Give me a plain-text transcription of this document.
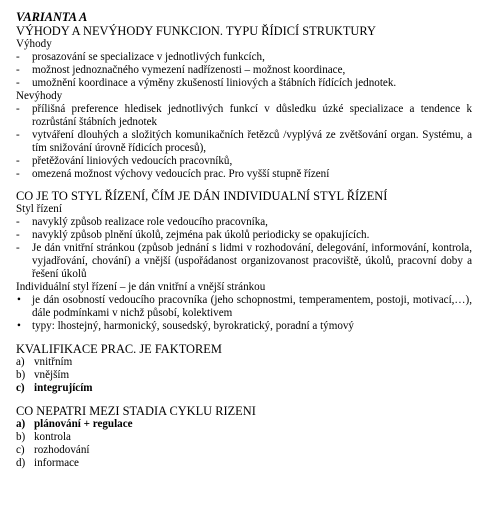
VARIANTA A
VÝHODY A NEVÝHODY FUNKCION. TYPU ŘÍDICÍ STRUKTURY
Výhody
- prosazování se specializace v jednotlivých funkcích,
- možnost jednoznačného vymezení nadřízenosti – možnost koordinace,
- umožnění koordinace a výměny zkušeností liniových a štábních řídících jednotek.
Nevýhody
- přílišná preference hledisek jednotlivých funkcí v důsledku úzké specializace a tendence k rozrůstání štábních jednotek
- vytváření dlouhých a složitých komunikačních řetězců /vyplývá ze zvětšování organ. Systému, a tím snižování úrovně řídicích procesů),
- přetěžování liniových vedoucích pracovníků,
- omezená možnost výchovy vedoucích prac. Pro vyšší stupně řízení
CO JE TO STYL ŘÍZENÍ, ČÍM JE DÁN INDIVIDUALNÍ STYL ŘÍZENÍ
Styl řízení
- navyklý způsob realizace role vedoucího pracovníka,
- navyklý způsob plnění úkolů, zejména pak úkolů periodicky se opakujících.
- Je dán vnitřní stránkou (způsob jednání s lidmi v rozhodování, delegování, informování, kontrola, vyjadřování, chování) a vnější (uspořádanost organizovanost pracoviště, úkolů, pracovní doby a řešení úkolů
Individuální styl řízení – je dán vnitřní a vnější stránkou
• je dán osobností vedoucího pracovníka (jeho schopnostmi, temperamentem, postoji, motivací,…), dále podmínkami v nichž působí, kolektivem
• typy: lhostejný, harmonický, sousedský, byrokratický, poradní a týmový
KVALIFIKACE PRAC. JE FAKTOREM
a) vnitřním
b) vnějším
c) integrujícím
CO NEPATRI MEZI STADIA CYKLU RIZENI
a) plánování + regulace
b) kontrola
c) rozhodování
d) informace
